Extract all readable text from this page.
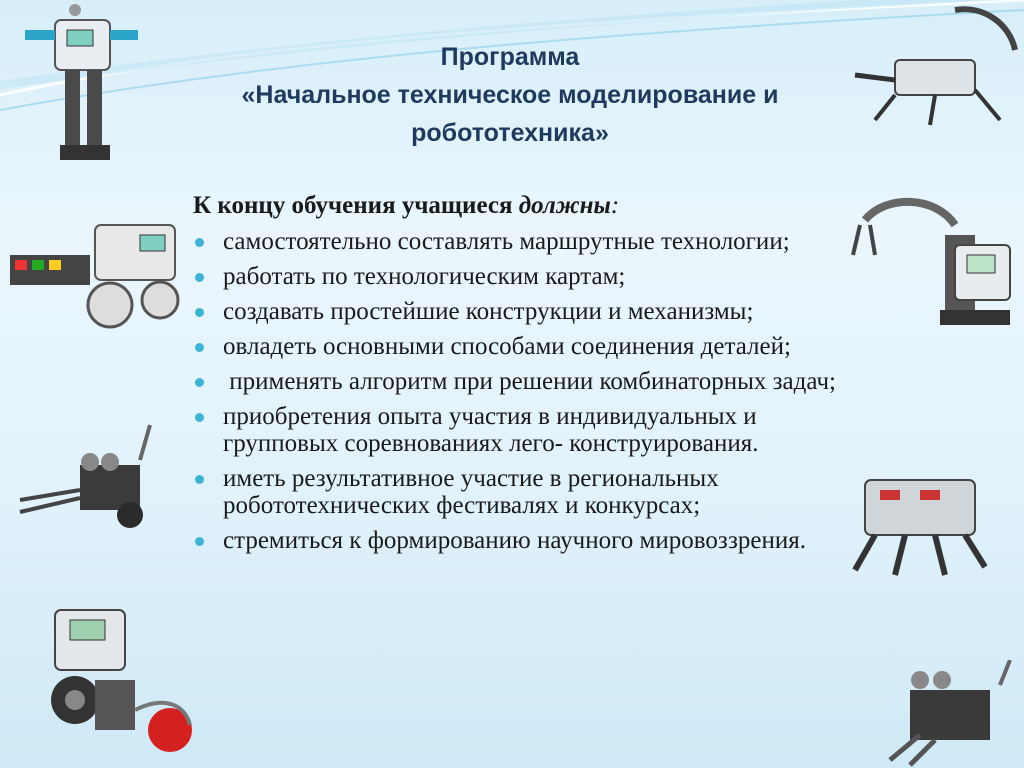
Программа
«Начальное техническое моделирование и
робототехника»
К концу обучения учащиеся должны:
самостоятельно составлять маршрутные технологии;
работать по технологическим картам;
создавать простейшие конструкции и механизмы;
овладеть основными способами соединения деталей;
применять алгоритм при решении комбинаторных задач;
приобретения опыта участия в индивидуальных и групповых соревнованиях лего- конструирования.
иметь результативное участие в региональных робототехнических фестивалях и конкурсах;
стремиться к формированию научного мировоззрения.
